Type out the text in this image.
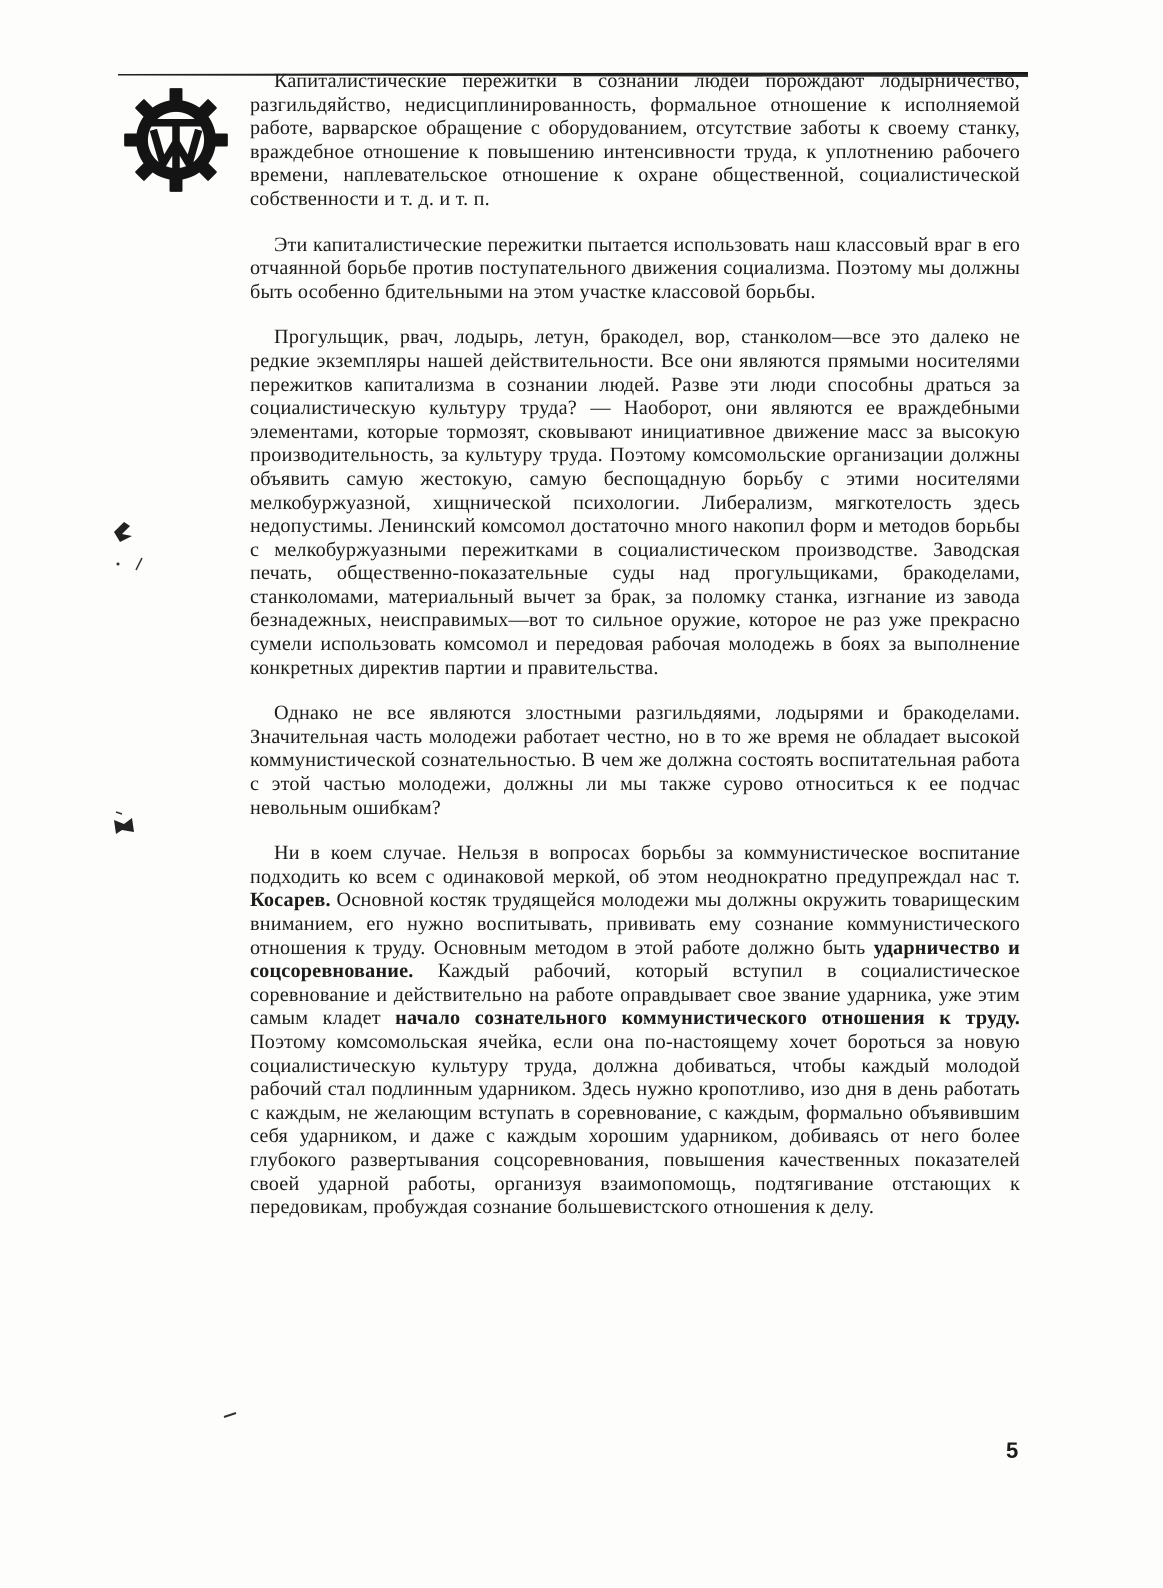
Капиталистические пережитки в сознании людей порождают лодырничество, разгильдяйство, недисциплинированность, формальное отношение к исполняемой работе, варварское обращение с оборудованием, отсутствие заботы к своему станку, враждебное отношение к повышению интенсивности труда, к уплотнению рабочего времени, наплевательское отношение к охране общественной, социалистической собственности и т. д. и т. п.

Эти капиталистические пережитки пытается использовать наш классовый враг в его отчаянной борьбе против поступательного движения социализма. Поэтому мы должны быть особенно бдительными на этом участке классовой борьбы.

Прогульщик, рвач, лодырь, летун, бракодел, вор, станколом—все это далеко не редкие экземпляры нашей действительности. Все они являются прямыми носителями пережитков капитализма в сознании людей. Разве эти люди способны драться за социалистическую культуру труда? — Наоборот, они являются ее враждебными элементами, которые тормозят, сковывают инициативное движение масс за высокую производительность, за культуру труда. Поэтому комсомольские организации должны объявить самую жестокую, самую беспощадную борьбу с этими носителями мелкобуржуазной, хищнической психологии. Либерализм, мягкотелость здесь недопустимы. Ленинский комсомол достаточно много накопил форм и методов борьбы с мелкобуржуазными пережитками в социалистическом производстве. Заводская печать, общественно-показательные суды над прогульщиками, бракоделами, станколомами, материальный вычет за брак, за поломку станка, изгнание из завода безнадежных, неисправимых—вот то сильное оружие, которое не раз уже прекрасно сумели использовать комсомол и передовая рабочая молодежь в боях за выполнение конкретных директив партии и правительства.

Однако не все являются злостными разгильдяями, лодырями и бракоделами. Значительная часть молодежи работает честно, но в то же время не обладает высокой коммунистической сознательностью. В чем же должна состоять воспитательная работа с этой частью молодежи, должны ли мы также сурово относиться к ее подчас невольным ошибкам?

Ни в коем случае. Нельзя в вопросах борьбы за коммунистическое воспитание подходить ко всем с одинаковой меркой, об этом неоднократно предупреждал нас т. Косарев. Основной костяк трудящейся молодежи мы должны окружить товарищеским вниманием, его нужно воспитывать, прививать ему сознание коммунистического отношения к труду. Основным методом в этой работе должно быть ударничество и соцсоревнование. Каждый рабочий, который вступил в социалистическое соревнование и действительно на работе оправдывает свое звание ударника, уже этим самым кладет начало сознательного коммунистического отношения к труду. Поэтому комсомольская ячейка, если она по-настоящему хочет бороться за новую социалистическую культуру труда, должна добиваться, чтобы каждый молодой рабочий стал подлинным ударником. Здесь нужно кропотливо, изо дня в день работать с каждым, не желающим вступать в соревнование, с каждым, формально объявившим себя ударником, и даже с каждым хорошим ударником, добиваясь от него более глубокого развертывания соцсоревнования, повышения качественных показателей своей ударной работы, организуя взаимопомощь, подтягивание отстающих к передовикам, пробуждая сознание большевистского отношения к делу.

5
